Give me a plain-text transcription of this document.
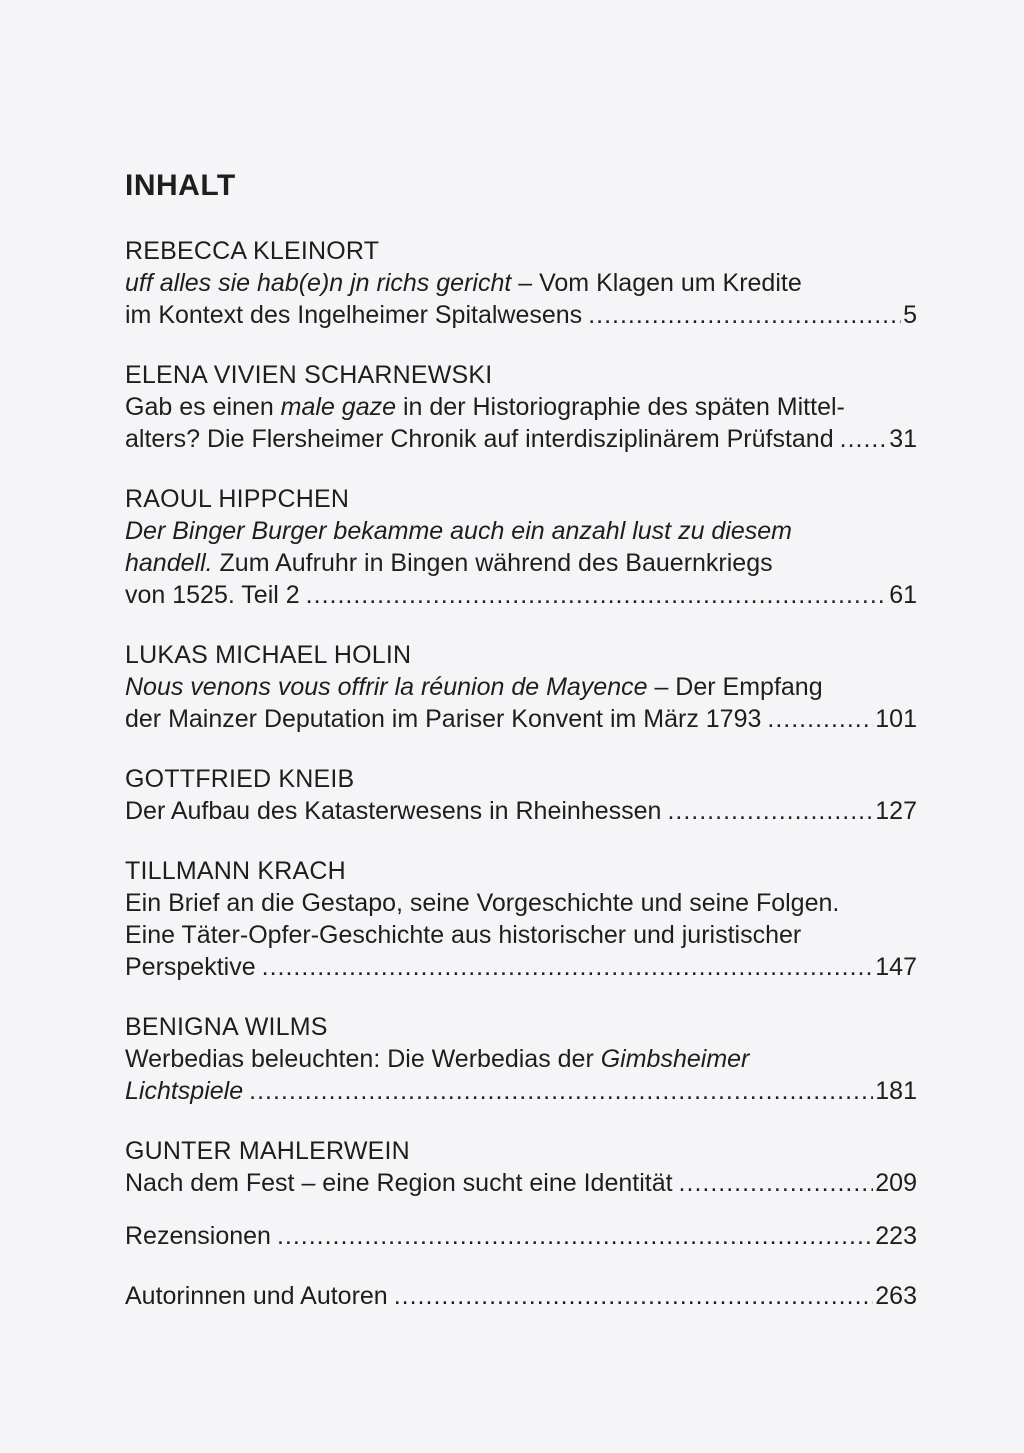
INHALT
REBECCA KLEINORT
uff alles sie hab(e)n jn richs gericht – Vom Klagen um Kredite
im Kontext des Ingelheimer Spitalwesens .....	5
ELENA VIVIEN SCHARNEWSKI
Gab es einen male gaze in der Historiographie des späten Mittel-
alters? Die Flersheimer Chronik auf interdisziplinärem Prüfstand ..... 31
RAOUL HIPPCHEN
Der Binger Burger bekamme auch ein anzahl lust zu diesem
handell. Zum Aufruhr in Bingen während des Bauernkriegs
von 1525. Teil 2 .....	61
LUKAS MICHAEL HOLIN
Nous venons vous offrir la réunion de Mayence – Der Empfang
der Mainzer Deputation im Pariser Konvent im März 1793 .....	101
GOTTFRIED KNEIB
Der Aufbau des Katasterwesens in Rheinhessen .....	127
TILLMANN KRACH
Ein Brief an die Gestapo, seine Vorgeschichte und seine Folgen.
Eine Täter-Opfer-Geschichte aus historischer und juristischer
Perspektive .....	147
BENIGNA WILMS
Werbedias beleuchten: Die Werbedias der Gimbsheimer
Lichtspiele .....	181
GUNTER MAHLERWEIN
Nach dem Fest – eine Region sucht eine Identität .....	209
Rezensionen .....	223
Autorinnen und Autoren .....	263
